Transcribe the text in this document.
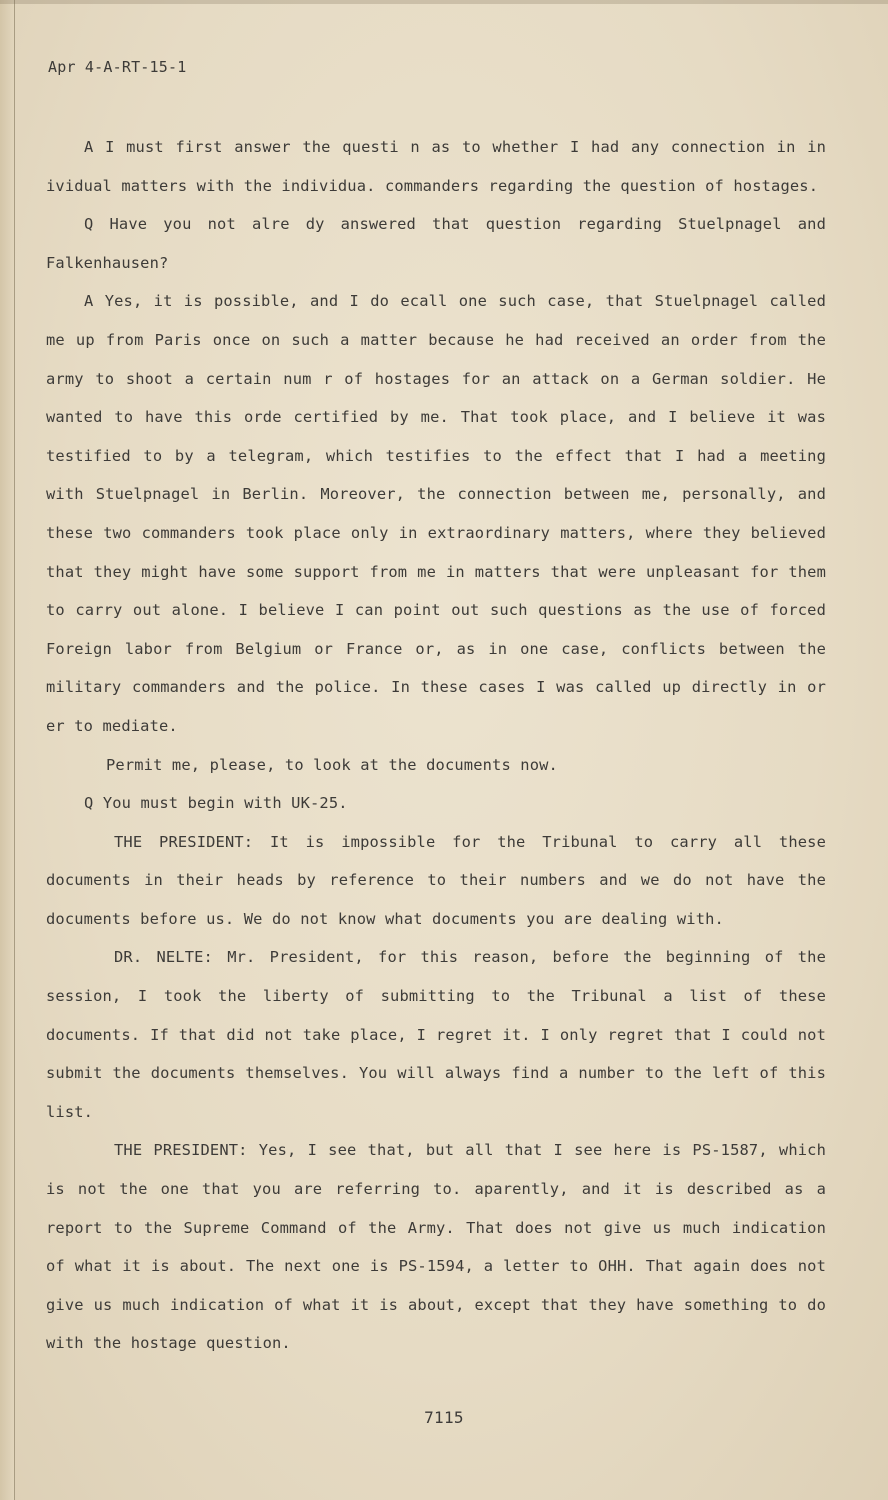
Apr 4-A-RT-15-1

A I must first answer the questi n as to whether I had any connection in in ividual matters with the individua. commanders regarding the question of hostages.

Q Have you not alre dy answered that question regarding Stuelpnagel and Falkenhausen?

A Yes, it is possible, and I do ecall one such case, that Stuelpnagel called me up from Paris once on such a matter because he had received an order from the army to shoot a certain num r of hostages for an attack on a German soldier. He wanted to have this orde certified by me. That took place, and I believe it was testified to by a telegram, which testifies to the effect that I had a meeting with Stuelpnagel in Berlin. Moreover, the connection between me, personally, and these two commanders took place only in extraordinary matters, where they believed that they might have some support from me in matters that were unpleasant for them to carry out alone. I believe I can point out such questions as the use of forced Foreign labor from Belgium or France or, as in one case, conflicts between the military commanders and the police. In these cases I was called up directly in or er to mediate.

Permit me, please, to look at the documents now.

Q You must begin with UK-25.

THE PRESIDENT: It is impossible for the Tribunal to carry all these documents in their heads by reference to their numbers and we do not have the documents before us. We do not know what documents you are dealing with.

DR. NELTE: Mr. President, for this reason, before the beginning of the session, I took the liberty of submitting to the Tribunal a list of these documents. If that did not take place, I regret it. I only regret that I could not submit the documents themselves. You will always find a number to the left of this list.

THE PRESIDENT: Yes, I see that, but all that I see here is PS-1587, which is not the one that you are referring to. aparently, and it is described as a report to the Supreme Command of the Army. That does not give us much indication of what it is about. The next one is PS-1594, a letter to OHH. That again does not give us much indication of what it is about, except that they have something to do with the hostage question.

7115
